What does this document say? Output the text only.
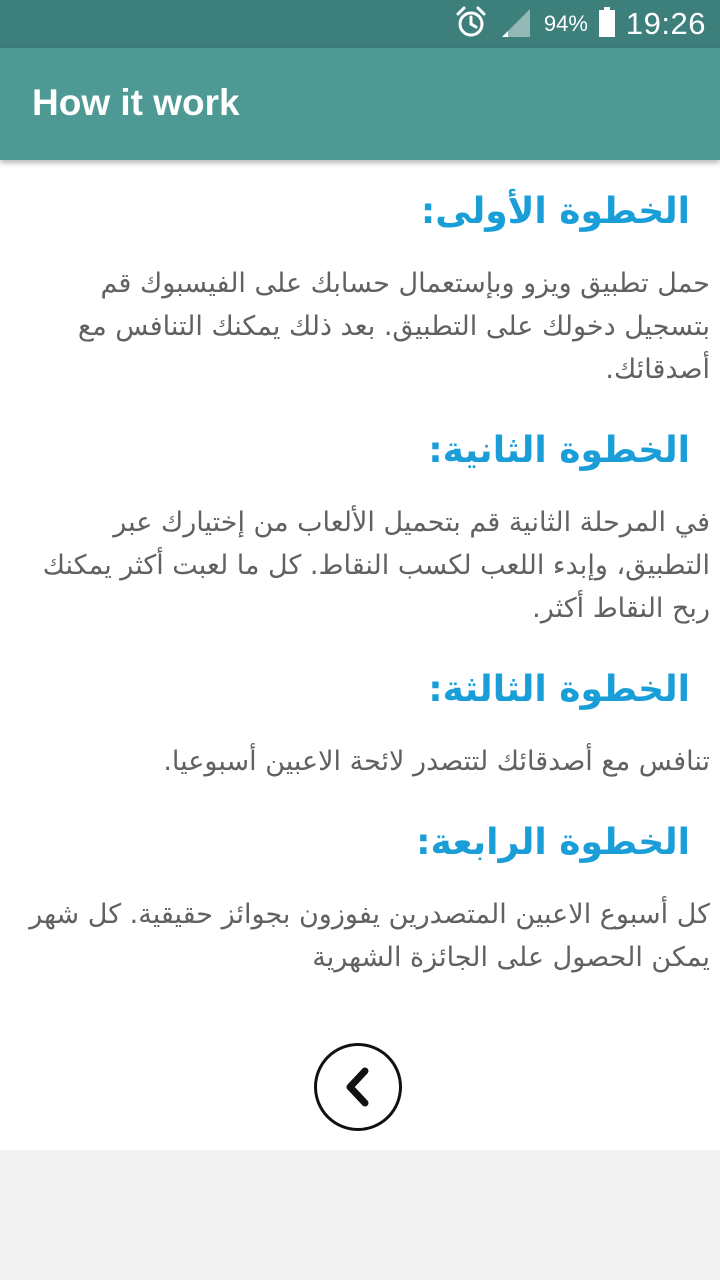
94% 19:26
How it work
الخطوة الأولى:

حمل تطبيق ويزو وبإستعمال حسابك على الفيسبوك قم بتسجيل دخولك على التطبيق. بعد ذلك يمكنك التنافس مع أصدقائك.

الخطوة الثانية:

في المرحلة الثانية قم بتحميل الألعاب من إختيارك عبر التطبيق، وإبدء اللعب لكسب النقاط. كل ما لعبت أكثر يمكنك ربح النقاط أكثر.

الخطوة الثالثة:

تنافس مع أصدقائك لتتصدر لائحة الاعبين أسبوعيا.

الخطوة الرابعة:

كل أسبوع الاعبين المتصدرين يفوزون بجوائز حقيقية. كل شهر يمكن الحصول على الجائزة الشهرية
